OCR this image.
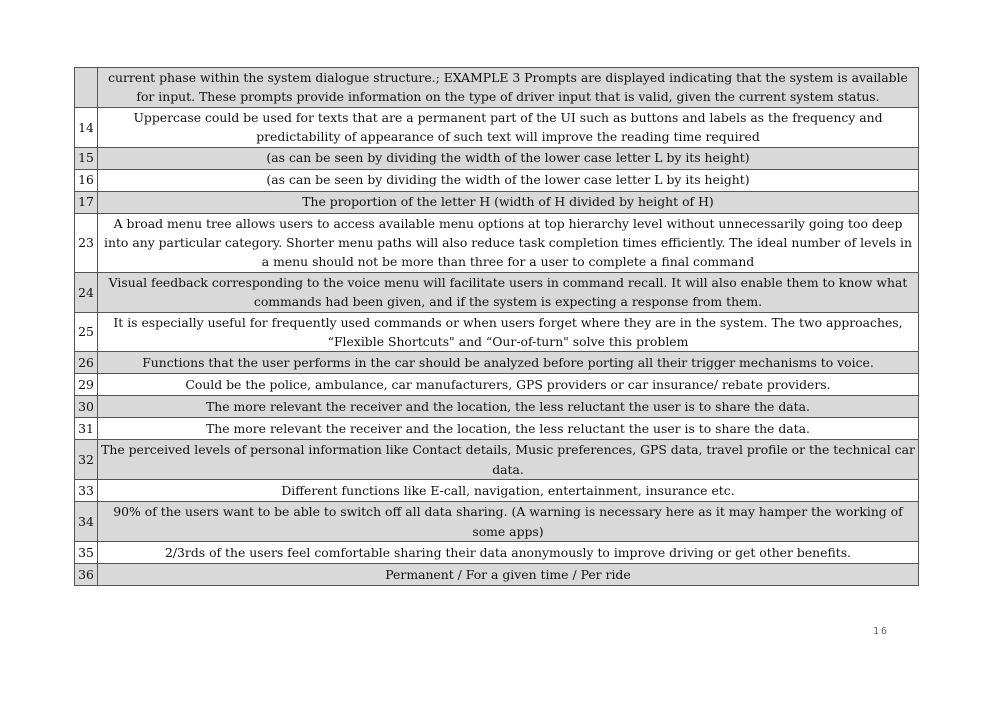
	current phase within the system dialogue structure.; EXAMPLE 3 Prompts are displayed indicating that the system is available for input. These prompts provide information on the type of driver input that is valid, given the current system status.
14	Uppercase could be used for texts that are a permanent part of the UI such as buttons and labels as the frequency and predictability of appearance of such text will improve the reading time required
15	(as can be seen by dividing the width of the lower case letter L by its height)
16	(as can be seen by dividing the width of the lower case letter L by its height)
17	The proportion of the letter H (width of H divided by height of H)
23	A broad menu tree allows users to access available menu options at top hierarchy level without unnecessarily going too deep into any particular category. Shorter menu paths will also reduce task completion times efficiently. The ideal number of levels in a menu should not be more than three for a user to complete a final command
24	Visual feedback corresponding to the voice menu will facilitate users in command recall. It will also enable them to know what commands had been given, and if the system is expecting a response from them.
25	It is especially useful for frequently used commands or when users forget where they are in the system. The two approaches, “Flexible Shortcuts" and “Our-of-turn" solve this problem
26	Functions that the user performs in the car should be analyzed before porting all their trigger mechanisms to voice.
29	Could be the police, ambulance, car manufacturers, GPS providers or car insurance/ rebate providers.
30	The more relevant the receiver and the location, the less reluctant the user is to share the data.
31	The more relevant the receiver and the location, the less reluctant the user is to share the data.
32	The perceived levels of personal information like Contact details, Music preferences, GPS data, travel profile or the technical car data.
33	Different functions like E-call, navigation, entertainment, insurance etc.
34	90% of the users want to be able to switch off all data sharing. (A warning is necessary here as it may hamper the working of some apps)
35	2/3rds of the users feel comfortable sharing their data anonymously to improve driving or get other benefits.
36	Permanent / For a given time / Per ride
16
